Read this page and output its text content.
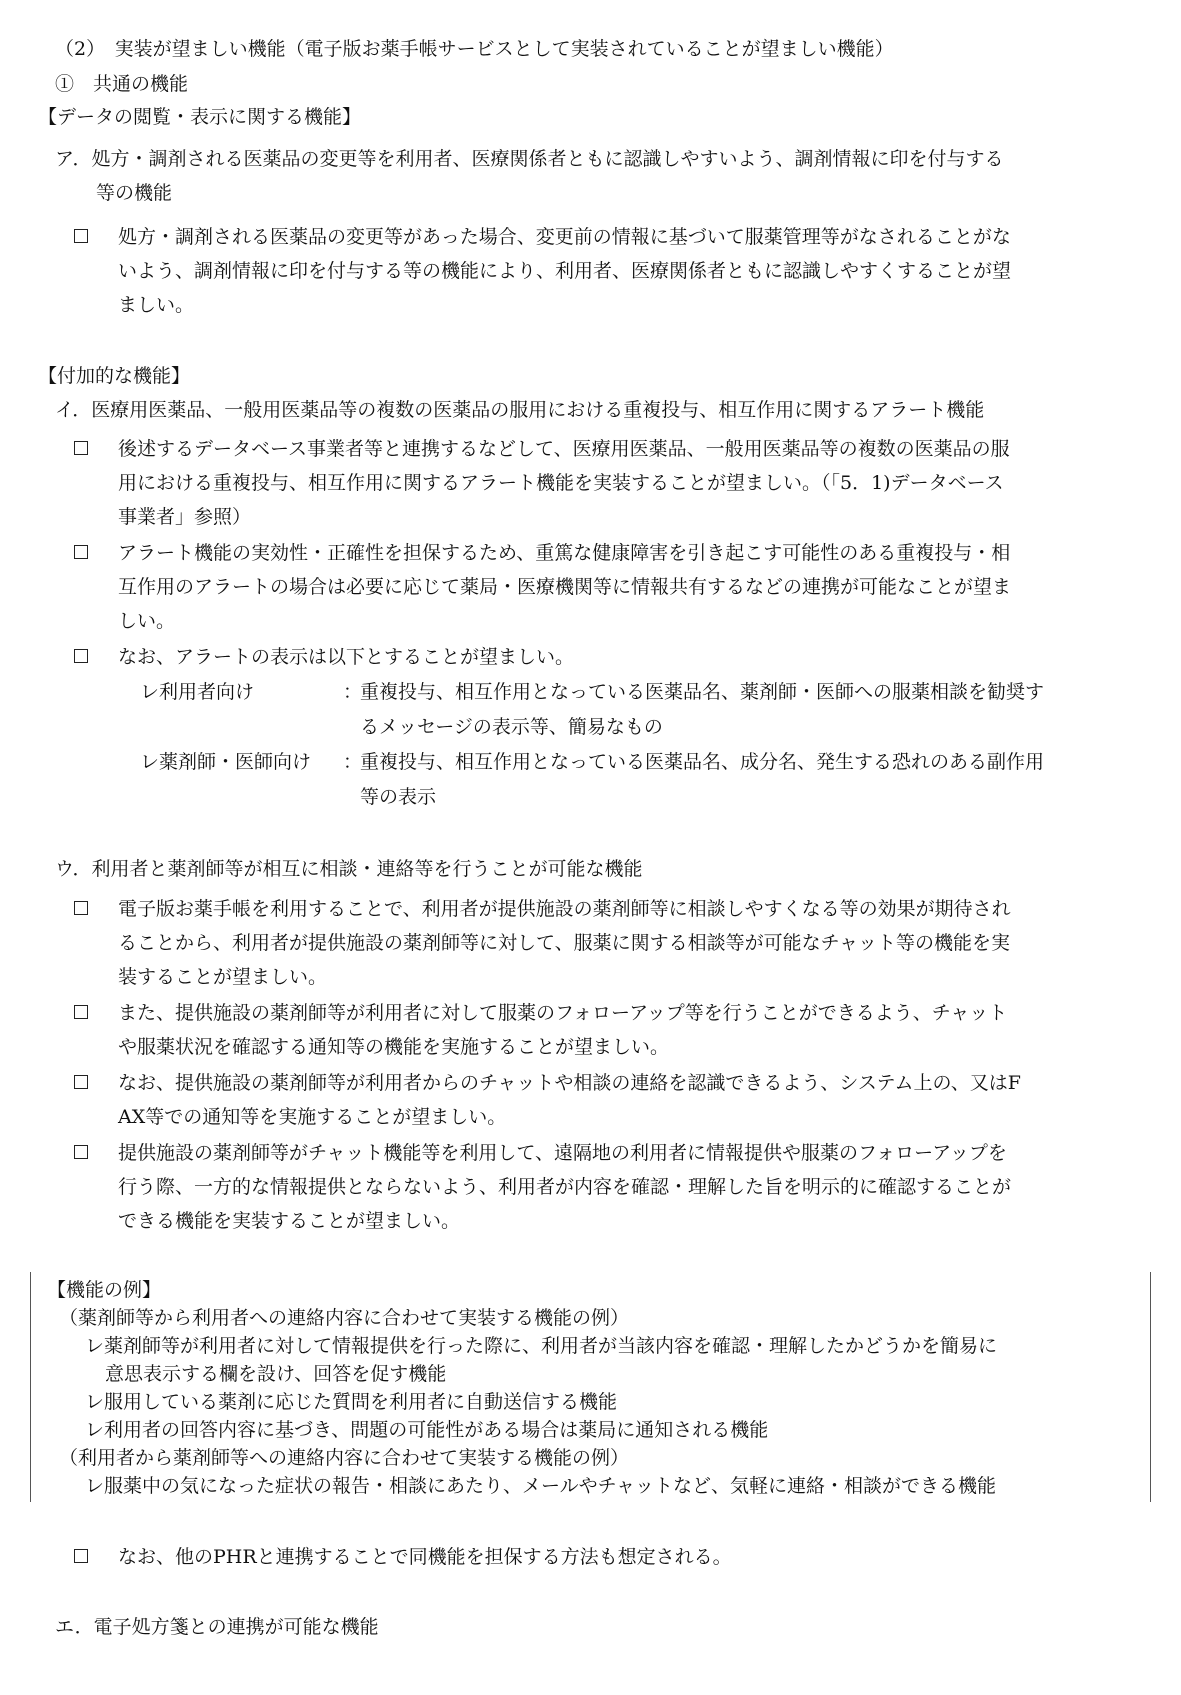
（2）　実装が望ましい機能（電子版お薬手帳サービスとして実装されていることが望ましい機能）
①　共通の機能
【データの閲覧・表示に関する機能】
ア．処方・調剤される医薬品の変更等を利用者、医療関係者ともに認識しやすいよう、調剤情報に印を付与する
等の機能
処方・調剤される医薬品の変更等があった場合、変更前の情報に基づいて服薬管理等がなされることがな
いよう、調剤情報に印を付与する等の機能により、利用者、医療関係者ともに認識しやすくすることが望
ましい。
【付加的な機能】
イ．医療用医薬品、一般用医薬品等の複数の医薬品の服用における重複投与、相互作用に関するアラート機能
後述するデータベース事業者等と連携するなどして、医療用医薬品、一般用医薬品等の複数の医薬品の服
用における重複投与、相互作用に関するアラート機能を実装することが望ましい。（「5．1)データベース
事業者」参照）
アラート機能の実効性・正確性を担保するため、重篤な健康障害を引き起こす可能性のある重複投与・相
互作用のアラートの場合は必要に応じて薬局・医療機関等に情報共有するなどの連携が可能なことが望ま
しい。
なお、アラートの表示は以下とすることが望ましい。
レ利用者向け	：
重複投与、相互作用となっている医薬品名、薬剤師・医師への服薬相談を勧奨す
るメッセージの表示等、簡易なもの
レ薬剤師・医師向け ：
重複投与、相互作用となっている医薬品名、成分名、発生する恐れのある副作用
等の表示
ウ．利用者と薬剤師等が相互に相談・連絡等を行うことが可能な機能
電子版お薬手帳を利用することで、利用者が提供施設の薬剤師等に相談しやすくなる等の効果が期待され
ることから、利用者が提供施設の薬剤師等に対して、服薬に関する相談等が可能なチャット等の機能を実
装することが望ましい。
また、提供施設の薬剤師等が利用者に対して服薬のフォローアップ等を行うことができるよう、チャット
や服薬状況を確認する通知等の機能を実施することが望ましい。
なお、提供施設の薬剤師等が利用者からのチャットや相談の連絡を認識できるよう、システム上の、又はF
AX等での通知等を実施することが望ましい。
提供施設の薬剤師等がチャット機能等を利用して、遠隔地の利用者に情報提供や服薬のフォローアップを
行う際、一方的な情報提供とならないよう、利用者が内容を確認・理解した旨を明示的に確認することが
できる機能を実装することが望ましい。
【機能の例】
（薬剤師等から利用者への連絡内容に合わせて実装する機能の例）
レ薬剤師等が利用者に対して情報提供を行った際に、利用者が当該内容を確認・理解したかどうかを簡易に
意思表示する欄を設け、回答を促す機能
レ服用している薬剤に応じた質問を利用者に自動送信する機能
レ利用者の回答内容に基づき、問題の可能性がある場合は薬局に通知される機能
（利用者から薬剤師等への連絡内容に合わせて実装する機能の例）
レ服薬中の気になった症状の報告・相談にあたり、メールやチャットなど、気軽に連絡・相談ができる機能
なお、他のPHRと連携することで同機能を担保する方法も想定される。
エ．電子処方箋との連携が可能な機能
